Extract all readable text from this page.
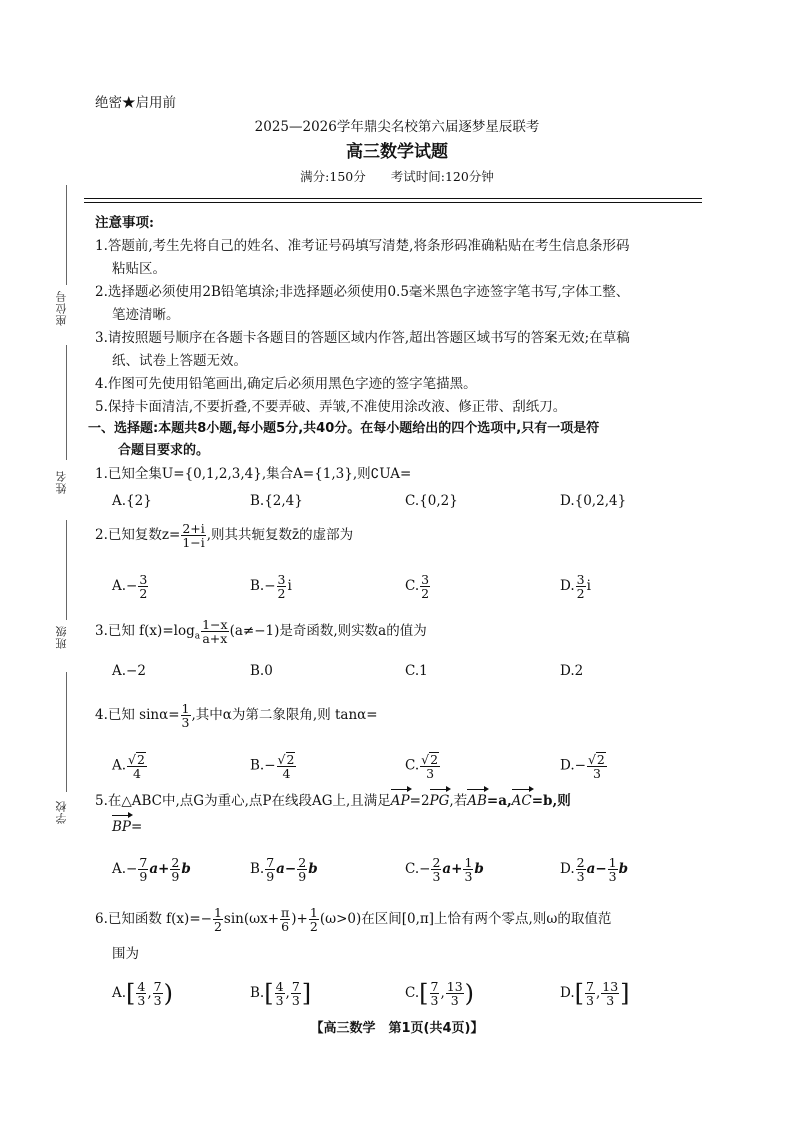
绝密★启用前
2025—2026学年鼎尖名校第六届逐梦星辰联考
高三数学试题
满分:150分　　考试时间:120分钟
座位号
姓名
班级
学校
注意事项:
1.答题前,考生先将自己的姓名、准考证号码填写清楚,将条形码准确粘贴在考生信息条形码
粘贴区。
2.选择题必须使用2B铅笔填涂;非选择题必须使用0.5毫米黑色字迹签字笔书写,字体工整、
笔迹清晰。
3.请按照题号顺序在各题卡各题目的答题区域内作答,超出答题区域书写的答案无效;在草稿
纸、试卷上答题无效。
4.作图可先使用铅笔画出,确定后必须用黑色字迹的签字笔描黑。
5.保持卡面清洁,不要折叠,不要弄破、弄皱,不准使用涂改液、修正带、刮纸刀。
一、选择题:本题共8小题,每小题5分,共40分。在每小题给出的四个选项中,只有一项是符
合题目要求的。
1.已知全集U={0,1,2,3,4},集合A={1,3},则∁UA=
A.{2}	B.{2,4}	C.{0,2}	D.{0,2,4}
2.已知复数$z= \frac{2+i}{1-i}$ ,则其共轭复数z̄的虚部为
$A.- \frac{3}{2}$	$B.- \frac{3}{2}$ i	C. $\frac{3}{2}$	D. $\frac{3}{2}$ i
3.已知 $f(x)=\log_a \frac{1-x}{a+x} (a\ne-1)$是奇函数,则实数a的值为
A.−2	B.0	C.1	D.2
4.已知 $\sin\alpha= \frac{1}{3}$ ,其中α为第二象限角,则 tanα=
A. $\frac{√2}{4}$	$B.- \frac{√2}{4}$	C. $\frac{√2}{3}$	$D.- \frac{√2}{3}$
5.在△ABC中,点G为重心,点P在线段AG上,且满足AP=2PG,若AB=a,AC=b,则
BP=
$A.- \frac{7}{9} a+ \frac{2}{9}$ b	B. $\frac{7}{9} a- \frac{2}{9}$ b	$C.- \frac{2}{3} a+ \frac{1}{3}$ b	D. $\frac{2}{3} a- \frac{1}{3}$ b
6.已知函数 $f(x)=- \frac{1}{2} \sin(\omega x+ \frac{\pi}{6}$ )+ $\frac{1}{2} (\omega>0)$在区间[0,π]上恰有两个零点,则ω的取值范
围为
$A.[ \frac{4}{3}$ , $\frac{7}{3}$ )	$B.[ \frac{4}{3}$ , $\frac{7}{3}$ ]	$C.[ \frac{7}{3}$ , $\frac{13}{3}$ )	$D.[ \frac{7}{3}$ , $\frac{13}{3}$ ]
【高三数学　第1页(共4页)】
